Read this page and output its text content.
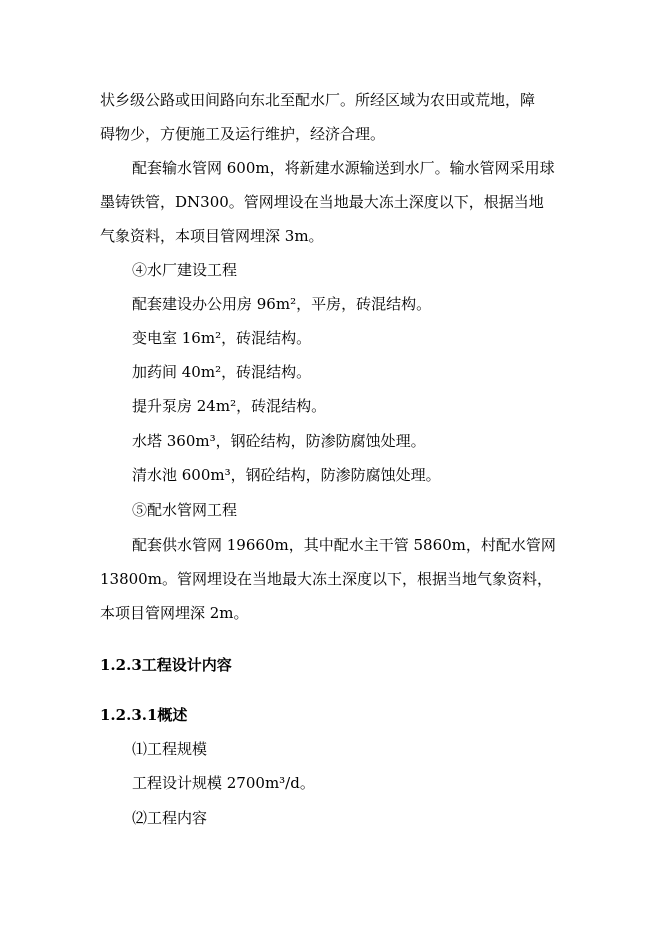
状乡级公路或田间路向东北至配水厂。所经区域为农田或荒地，障
碍物少，方便施工及运行维护，经济合理。
配套输水管网 600m，将新建水源输送到水厂。输水管网采用球
墨铸铁管，DN300。管网埋设在当地最大冻土深度以下，根据当地
气象资料，本项目管网埋深 3m。
④水厂建设工程
配套建设办公用房 96m²，平房，砖混结构。
变电室 16m²，砖混结构。
加药间 40m²，砖混结构。
提升泵房 24m²，砖混结构。
水塔 360m³，钢砼结构，防渗防腐蚀处理。
清水池 600m³，钢砼结构，防渗防腐蚀处理。
⑤配水管网工程
配套供水管网 19660m，其中配水主干管 5860m，村配水管网
13800m。管网埋设在当地最大冻土深度以下，根据当地气象资料，
本项目管网埋深 2m。
1.2.3工程设计内容
1.2.3.1概述
⑴工程规模
工程设计规模 2700m³/d。
⑵工程内容
